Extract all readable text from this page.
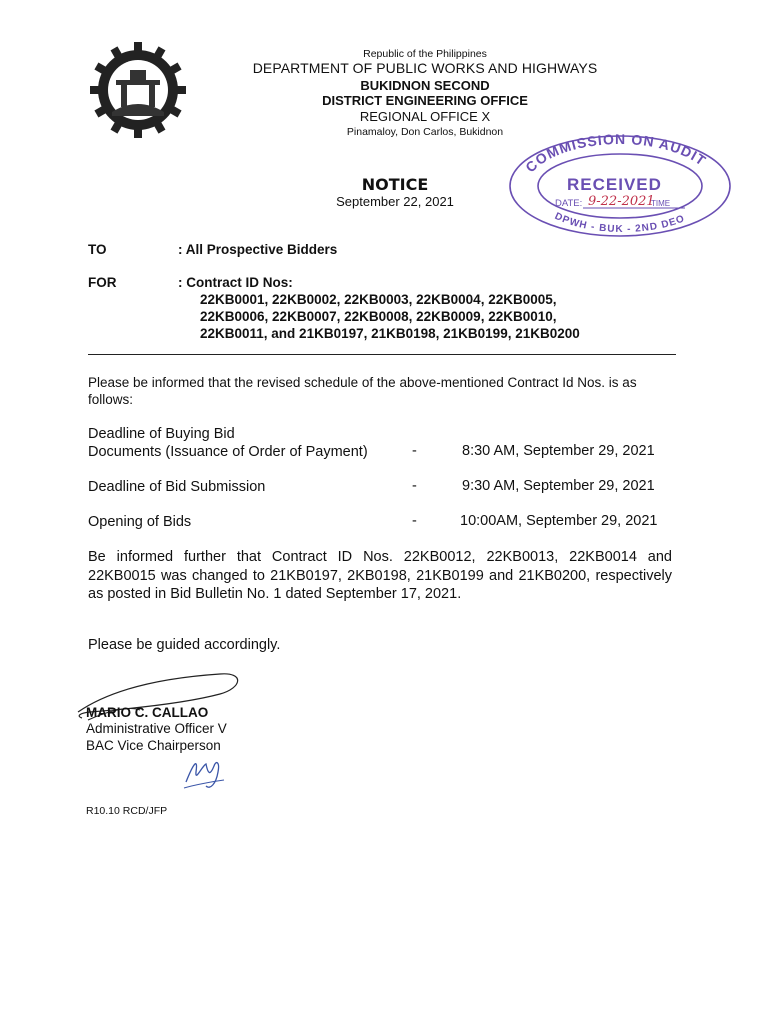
Republic of the Philippines
DEPARTMENT OF PUBLIC WORKS AND HIGHWAYS
BUKIDNON SECOND
DISTRICT ENGINEERING OFFICE
REGIONAL OFFICE X
Pinamaloy, Don Carlos, Bukidnon
COMMISSION ON AUDIT
RECEIVED
DATE: 9-22-2021
TIME
DPWH - BUK - 2ND DEO
NOTICE
September 22, 2021
TO	: All Prospective Bidders
FOR	: Contract ID Nos:
22KB0001, 22KB0002, 22KB0003, 22KB0004, 22KB0005,
22KB0006, 22KB0007, 22KB0008, 22KB0009, 22KB0010,
22KB0011, and 21KB0197, 21KB0198, 21KB0199, 21KB0200
Please be informed that the revised schedule of the above-mentioned Contract Id Nos. is as follows:
Deadline of Buying Bid
Documents (Issuance of Order of Payment)	-	8:30 AM, September 29, 2021
Deadline of Bid Submission	-	9:30 AM, September 29, 2021
Opening of Bids	-	10:00AM, September 29, 2021
Be informed further that Contract ID Nos. 22KB0012, 22KB0013, 22KB0014 and 22KB0015 was changed to 21KB0197, 2KB0198, 21KB0199 and 21KB0200, respectively as posted in Bid Bulletin No. 1 dated September 17, 2021.
Please be guided accordingly.
MARIO C. CALLAO
Administrative Officer V
BAC Vice Chairperson
R10.10 RCD/JFP
